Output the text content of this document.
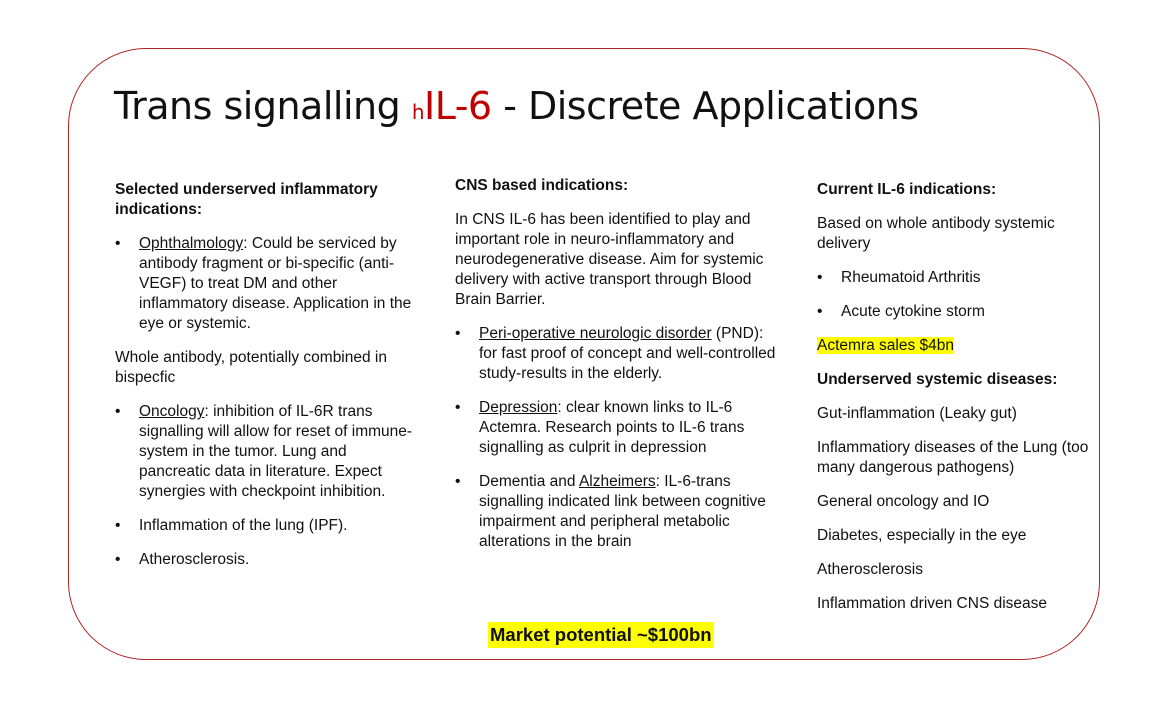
Trans signalling hIL-6 - Discrete Applications
Selected underserved inflammatory indications:
• Ophthalmology: Could be serviced by antibody fragment or bi-specific (anti-VEGF) to treat DM and other inflammatory disease. Application in the eye or systemic.
Whole antibody, potentially combined in bispecfic
• Oncology: inhibition of IL-6R trans signalling will allow for reset of immune-system in the tumor. Lung and pancreatic data in literature. Expect synergies with checkpoint inhibition.
• Inflammation of the lung (IPF).
• Atherosclerosis.
CNS based indications:
In CNS IL-6 has been identified to play and important role in neuro-inflammatory and neurodegenerative disease. Aim for systemic delivery with active transport through Blood Brain Barrier.
• Peri-operative neurologic disorder (PND): for fast proof of concept and well-controlled study-results in the elderly.
• Depression: clear known links to IL-6 Actemra. Research points to IL-6 trans signalling as culprit in depression
• Dementia and Alzheimers: IL-6-trans signalling indicated link between cognitive impairment and peripheral metabolic alterations in the brain
Current IL-6 indications:
Based on whole antibody systemic delivery
• Rheumatoid Arthritis
• Acute cytokine storm
Actemra sales $4bn
Underserved systemic diseases:
Gut-inflammation (Leaky gut)
Inflammatiory diseases of the Lung (too many dangerous pathogens)
General oncology and IO
Diabetes, especially in the eye
Atherosclerosis
Inflammation driven CNS disease
Market potential ~$100bn
